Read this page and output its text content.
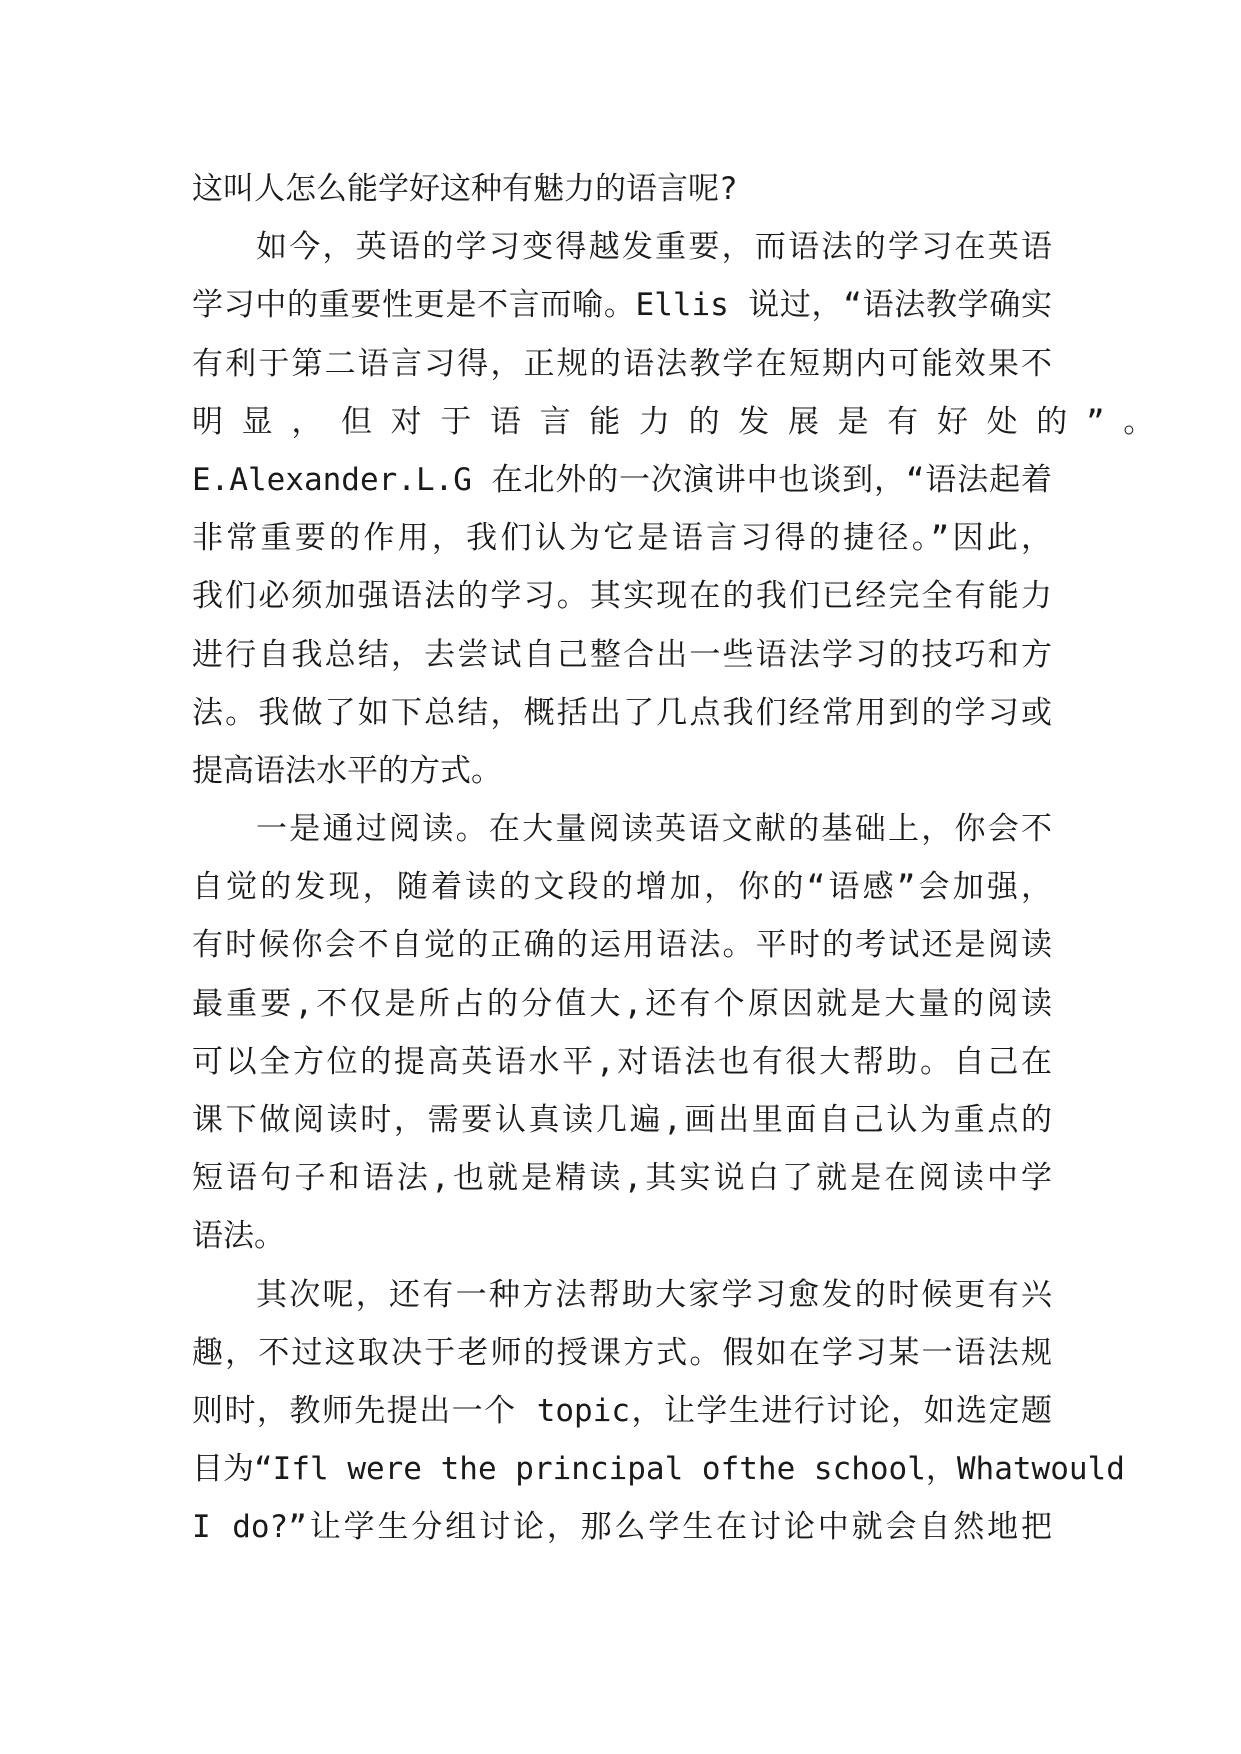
这叫人怎么能学好这种有魅力的语言呢?
如今，英语的学习变得越发重要，而语法的学习在英语
学习中的重要性更是不言而喻。Ellis 说过，“语法教学确实
有利于第二语言习得，正规的语法教学在短期内可能效果不
明 显 ， 但 对 于 语 言 能 力 的 发 展 是 有 好 处 的 ” 。
E.Alexander.L.G 在北外的一次演讲中也谈到，“语法起着
非常重要的作用，我们认为它是语言习得的捷径。”因此，
我们必须加强语法的学习。其实现在的我们已经完全有能力
进行自我总结，去尝试自己整合出一些语法学习的技巧和方
法。我做了如下总结，概括出了几点我们经常用到的学习或
提高语法水平的方式。
一是通过阅读。在大量阅读英语文献的基础上，你会不
自觉的发现，随着读的文段的增加，你的“语感”会加强，
有时候你会不自觉的正确的运用语法。平时的考试还是阅读
最重要,不仅是所占的分值大,还有个原因就是大量的阅读
可以全方位的提高英语水平,对语法也有很大帮助。自己在
课下做阅读时，需要认真读几遍,画出里面自己认为重点的
短语句子和语法,也就是精读,其实说白了就是在阅读中学
语法。
其次呢，还有一种方法帮助大家学习愈发的时候更有兴
趣，不过这取决于老师的授课方式。假如在学习某一语法规
则时，教师先提出一个 topic，让学生进行讨论，如选定题
目为“Ifl were the principal ofthe school，Whatwould
I do?”让学生分组讨论，那么学生在讨论中就会自然地把
